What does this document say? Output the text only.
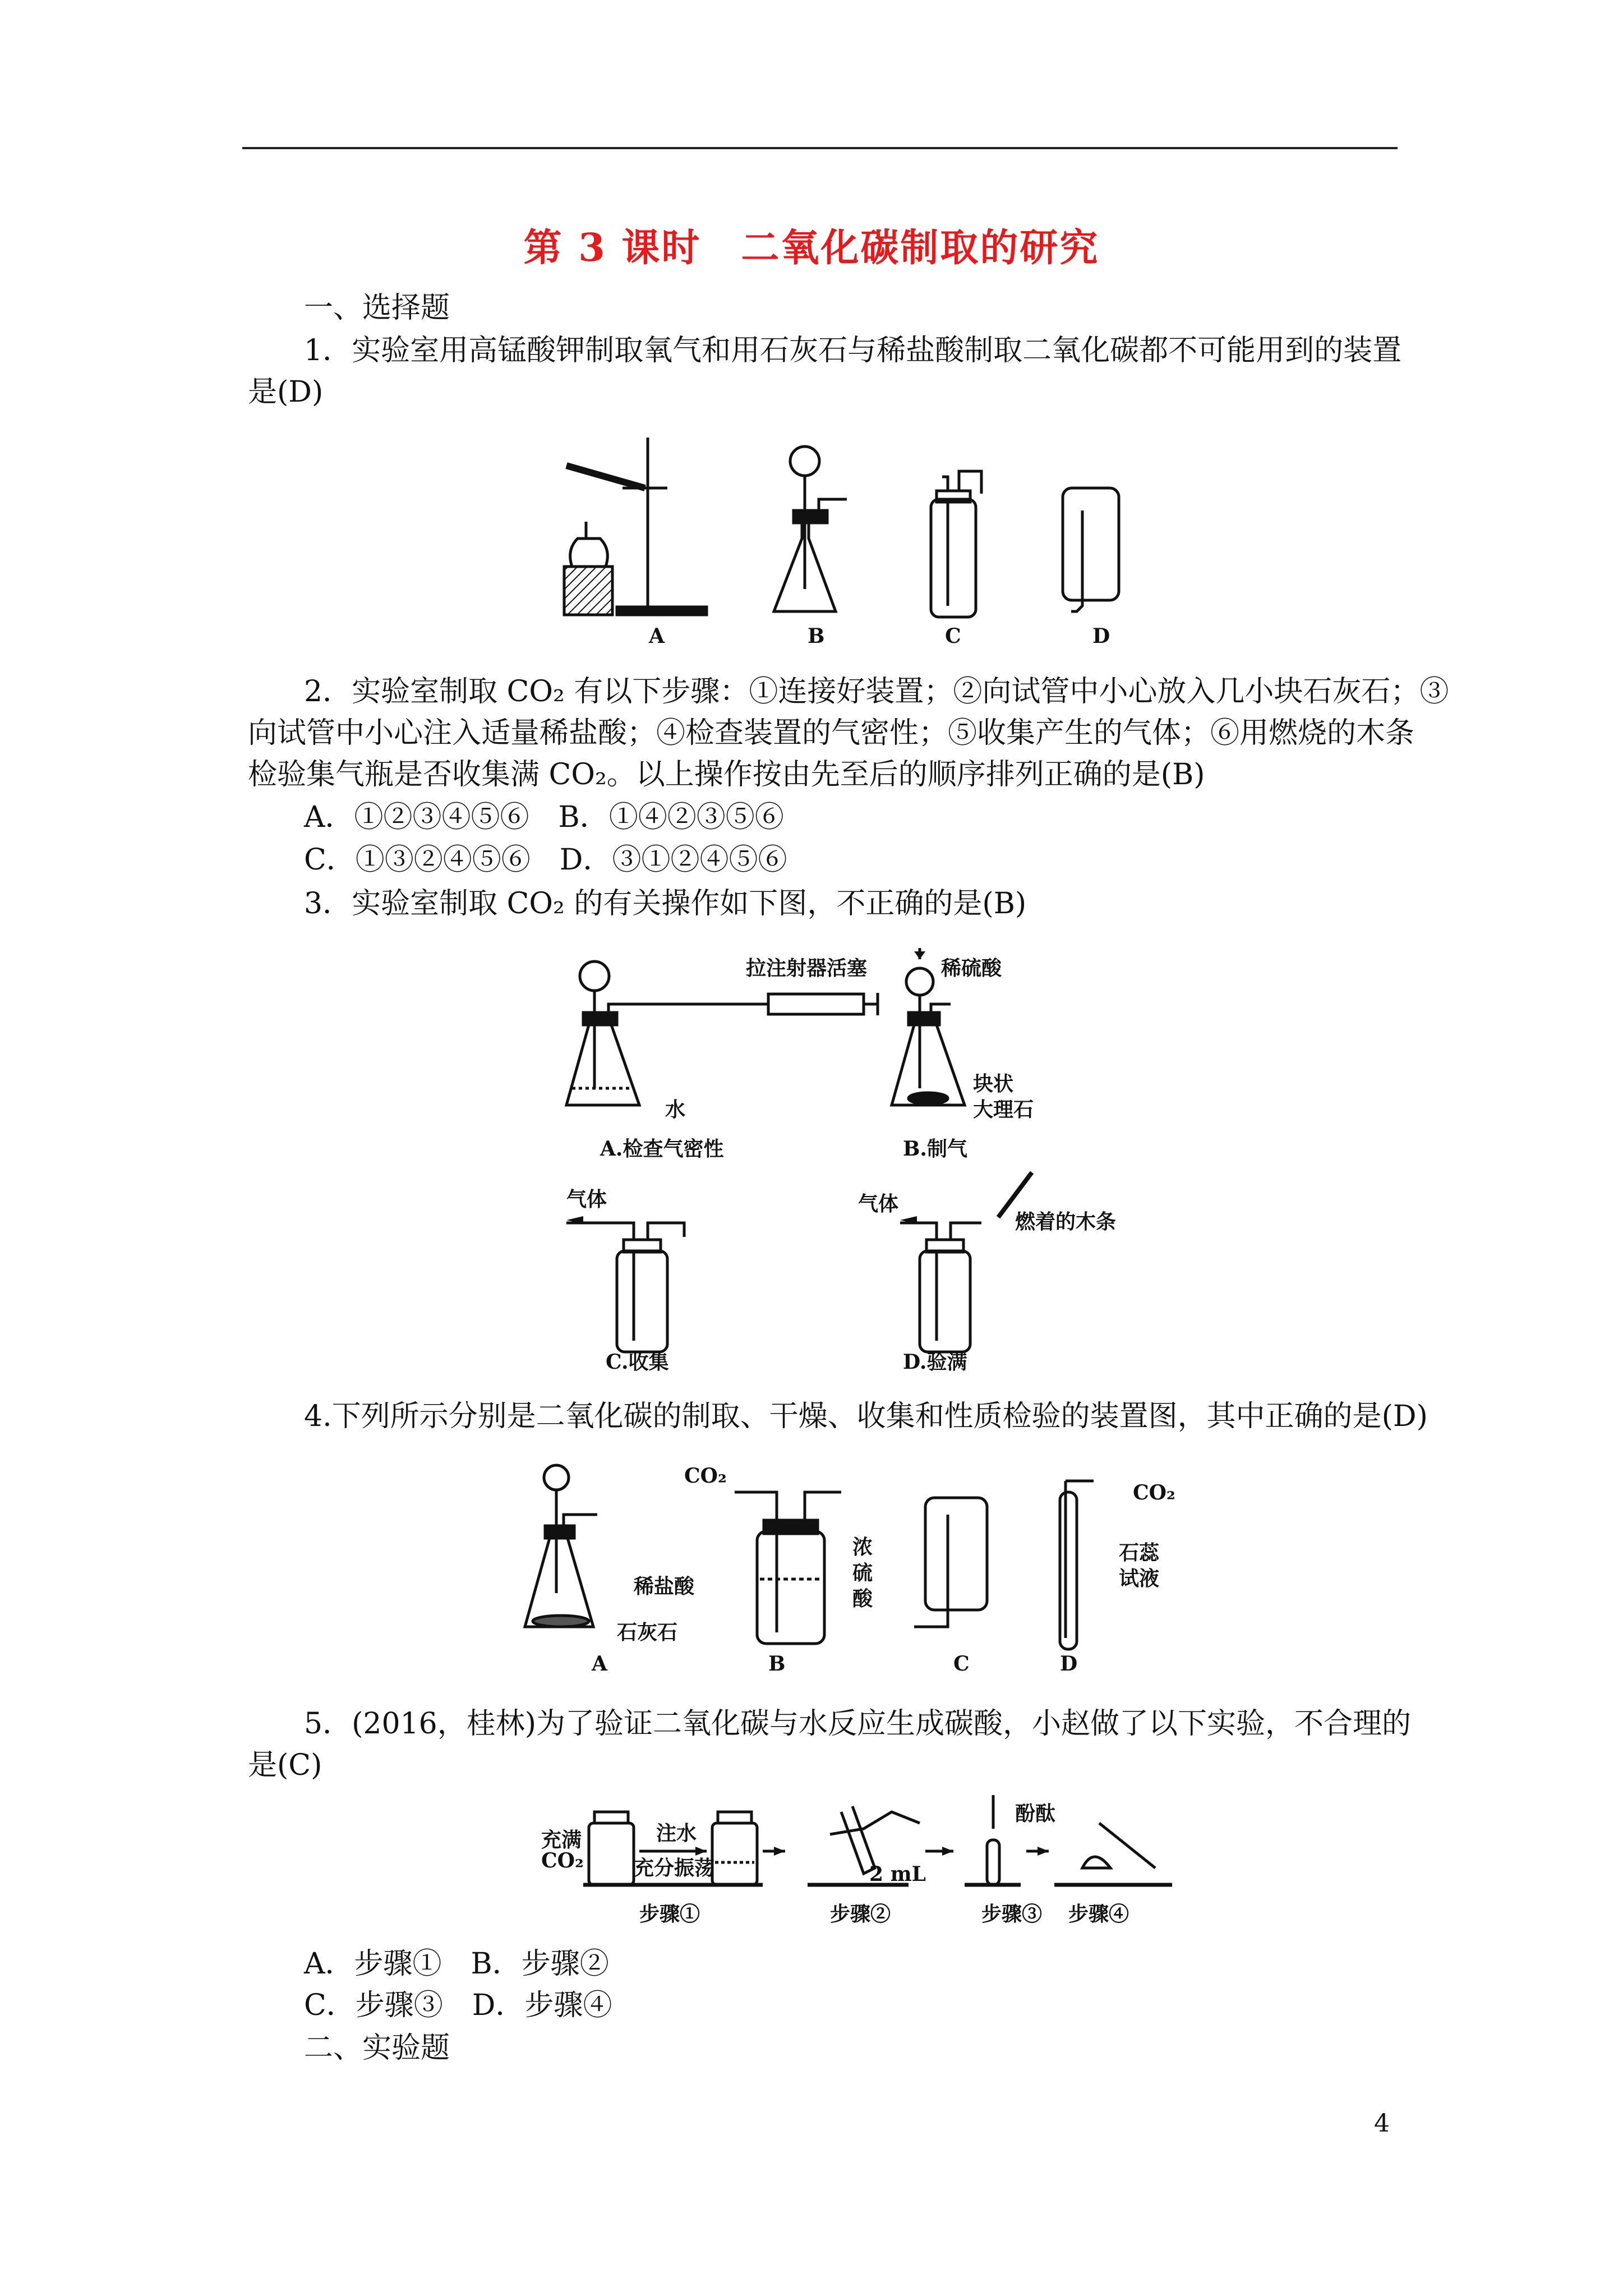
第 3 课时　二氧化碳制取的研究
一、选择题
1．实验室用高锰酸钾制取氧气和用石灰石与稀盐酸制取二氧化碳都不可能用到的装置
是(D)
A	B	C	D
2．实验室制取 CO₂ 有以下步骤：①连接好装置；②向试管中小心放入几小块石灰石；③
向试管中小心注入适量稀盐酸；④检查装置的气密性；⑤收集产生的气体；⑥用燃烧的木条
检验集气瓶是否收集满 CO₂。以上操作按由先至后的顺序排列正确的是(B)
A．①②③④⑤⑥　B．①④②③⑤⑥
C．①③②④⑤⑥　D．③①②④⑤⑥
3．实验室制取 CO₂ 的有关操作如下图，不正确的是(B)
拉注射器活塞
水
稀硫酸
块状
大理石
A.检查气密性	B.制气
气体	气体
燃着的木条
C.收集	D.验满
4.下列所示分别是二氧化碳的制取、干燥、收集和性质检验的装置图，其中正确的是(D)
稀盐酸
石灰石
CO₂
浓
硫
酸
CO₂
石蕊
试液
A	B	C	D
5．(2016，桂林)为了验证二氧化碳与水反应生成碳酸，小赵做了以下实验，不合理的
是(C)
充满
CO₂
注水
充分振荡	2 mL
酚酞
步骤①	步骤②	步骤③ 步骤④
A．步骤①　B．步骤②
C．步骤③　D．步骤④
二、实验题
4
